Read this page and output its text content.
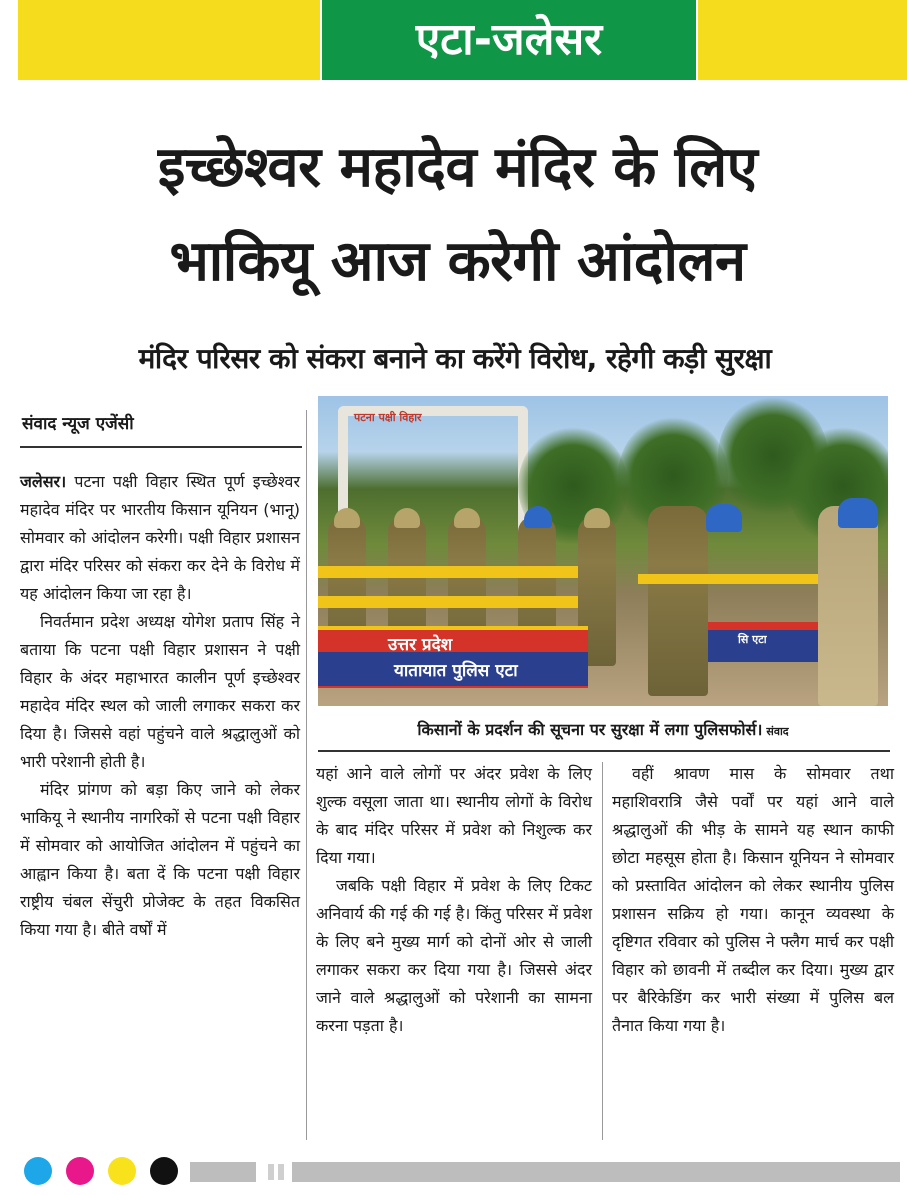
एटा-जलेसर
इच्छेश्वर महादेव मंदिर के लिए
भाकियू आज करेगी आंदोलन
मंदिर परिसर को संकरा बनाने का करेंगे विरोध, रहेगी कड़ी सुरक्षा
संवाद न्यूज एजेंसी

जलेसर। पटना पक्षी विहार स्थित पूर्ण इच्छेश्वर महादेव मंदिर पर भारतीय किसान यूनियन (भानू) सोमवार को आंदोलन करेगी। पक्षी विहार प्रशासन द्वारा मंदिर परिसर को संकरा कर देने के विरोध में यह आंदोलन किया जा रहा है।

निवर्तमान प्रदेश अध्यक्ष योगेश प्रताप सिंह ने बताया कि पटना पक्षी विहार प्रशासन ने पक्षी विहार के अंदर महाभारत कालीन पूर्ण इच्छेश्वर महादेव मंदिर स्थल को जाली लगाकर सकरा कर दिया है। जिससे वहां पहुंचने वाले श्रद्धालुओं को भारी परेशानी होती है।

मंदिर प्रांगण को बड़ा किए जाने को लेकर भाकियू ने स्थानीय नागरिकों से पटना पक्षी विहार में सोमवार को आयोजित आंदोलन में पहुंचने का आह्वान किया है। बता दें कि पटना पक्षी विहार राष्ट्रीय चंबल सेंचुरी प्रोजेक्ट के तहत विकसित किया गया है। बीते वर्षों में

पटना पक्षी विहार
उत्तर प्रदेश
यातायात पुलिस एटा
सि एटा
किसानों के प्रदर्शन की सूचना पर सुरक्षा में लगा पुलिसफोर्स। संवाद

यहां आने वाले लोगों पर अंदर प्रवेश के लिए शुल्क वसूला जाता था। स्थानीय लोगों के विरोध के बाद मंदिर परिसर में प्रवेश को निशुल्क कर दिया गया।

जबकि पक्षी विहार में प्रवेश के लिए टिकट अनिवार्य की गई की गई है। किंतु परिसर में प्रवेश के लिए बने मुख्य मार्ग को दोनों ओर से जाली लगाकर सकरा कर दिया गया है। जिससे अंदर जाने वाले श्रद्धालुओं को परेशानी का सामना करना पड़ता है।

वहीं श्रावण मास के सोमवार तथा महाशिवरात्रि जैसे पर्वों पर यहां आने वाले श्रद्धालुओं की भीड़ के सामने यह स्थान काफी छोटा महसूस होता है। किसान यूनियन ने सोमवार को प्रस्तावित आंदोलन को लेकर स्थानीय पुलिस प्रशासन सक्रिय हो गया। कानून व्यवस्था के दृष्टिगत रविवार को पुलिस ने फ्लैग मार्च कर पक्षी विहार को छावनी में तब्दील कर दिया। मुख्य द्वार पर बैरिकेडिंग कर भारी संख्या में पुलिस बल तैनात किया गया है।
